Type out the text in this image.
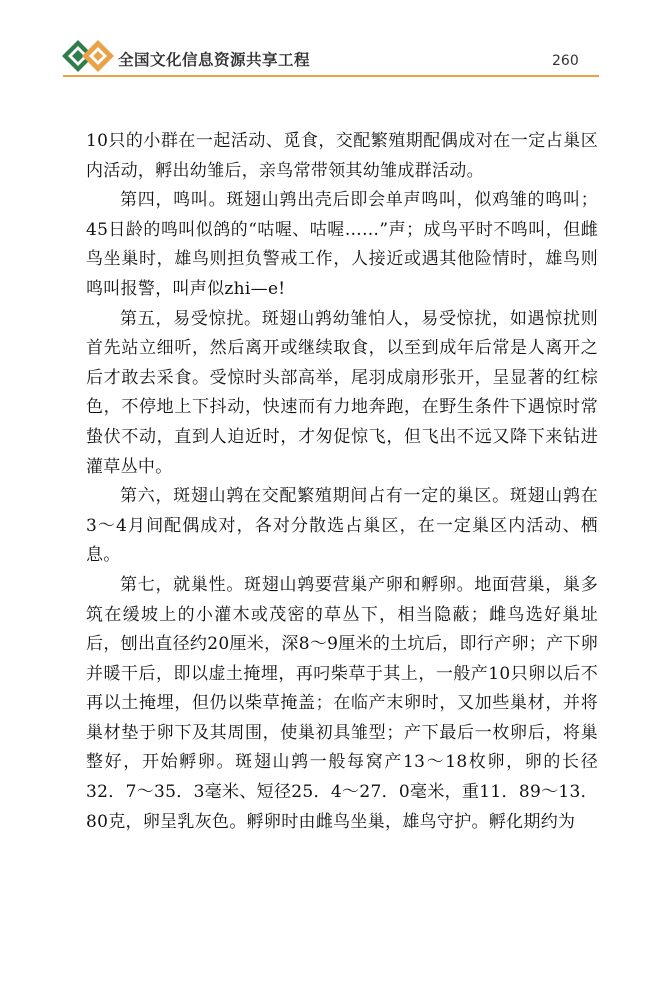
全国文化信息资源共享工程	260

10只的小群在一起活动、觅食，交配繁殖期配偶成对在一定占巢区内活动，孵出幼雏后，亲鸟常带领其幼雏成群活动。

第四，鸣叫。斑翅山鹑出壳后即会单声鸣叫，似鸡雏的鸣叫；45日龄的鸣叫似鸽的“咕喔、咕喔……”声；成鸟平时不鸣叫，但雌鸟坐巢时，雄鸟则担负警戒工作，人接近或遇其他险情时，雄鸟则鸣叫报警，叫声似zhi—e!

第五，易受惊扰。斑翅山鹑幼雏怕人，易受惊扰，如遇惊扰则首先站立细听，然后离开或继续取食，以至到成年后常是人离开之后才敢去采食。受惊时头部高举，尾羽成扇形张开，呈显著的红棕色，不停地上下抖动，快速而有力地奔跑，在野生条件下遇惊时常蛰伏不动，直到人迫近时，才匆促惊飞，但飞出不远又降下来钻进灌草丛中。

第六，斑翅山鹑在交配繁殖期间占有一定的巢区。斑翅山鹑在3～4月间配偶成对，各对分散选占巢区，在一定巢区内活动、栖息。

第七，就巢性。斑翅山鹑要营巢产卵和孵卵。地面营巢，巢多筑在缓坡上的小灌木或茂密的草丛下，相当隐蔽；雌鸟选好巢址后，刨出直径约20厘米，深8～9厘米的土坑后，即行产卵；产下卵并暖干后，即以虚土掩埋，再叼柴草于其上，一般产10只卵以后不再以土掩埋，但仍以柴草掩盖；在临产末卵时，又加些巢材，并将巢材垫于卵下及其周围，使巢初具雏型；产下最后一枚卵后，将巢整好，开始孵卵。斑翅山鹑一般每窝产13～18枚卵，卵的长径32．7～35．3毫米、短径25．4～27．0毫米，重11．89～13．80克，卵呈乳灰色。孵卵时由雌鸟坐巢，雄鸟守护。孵化期约为
